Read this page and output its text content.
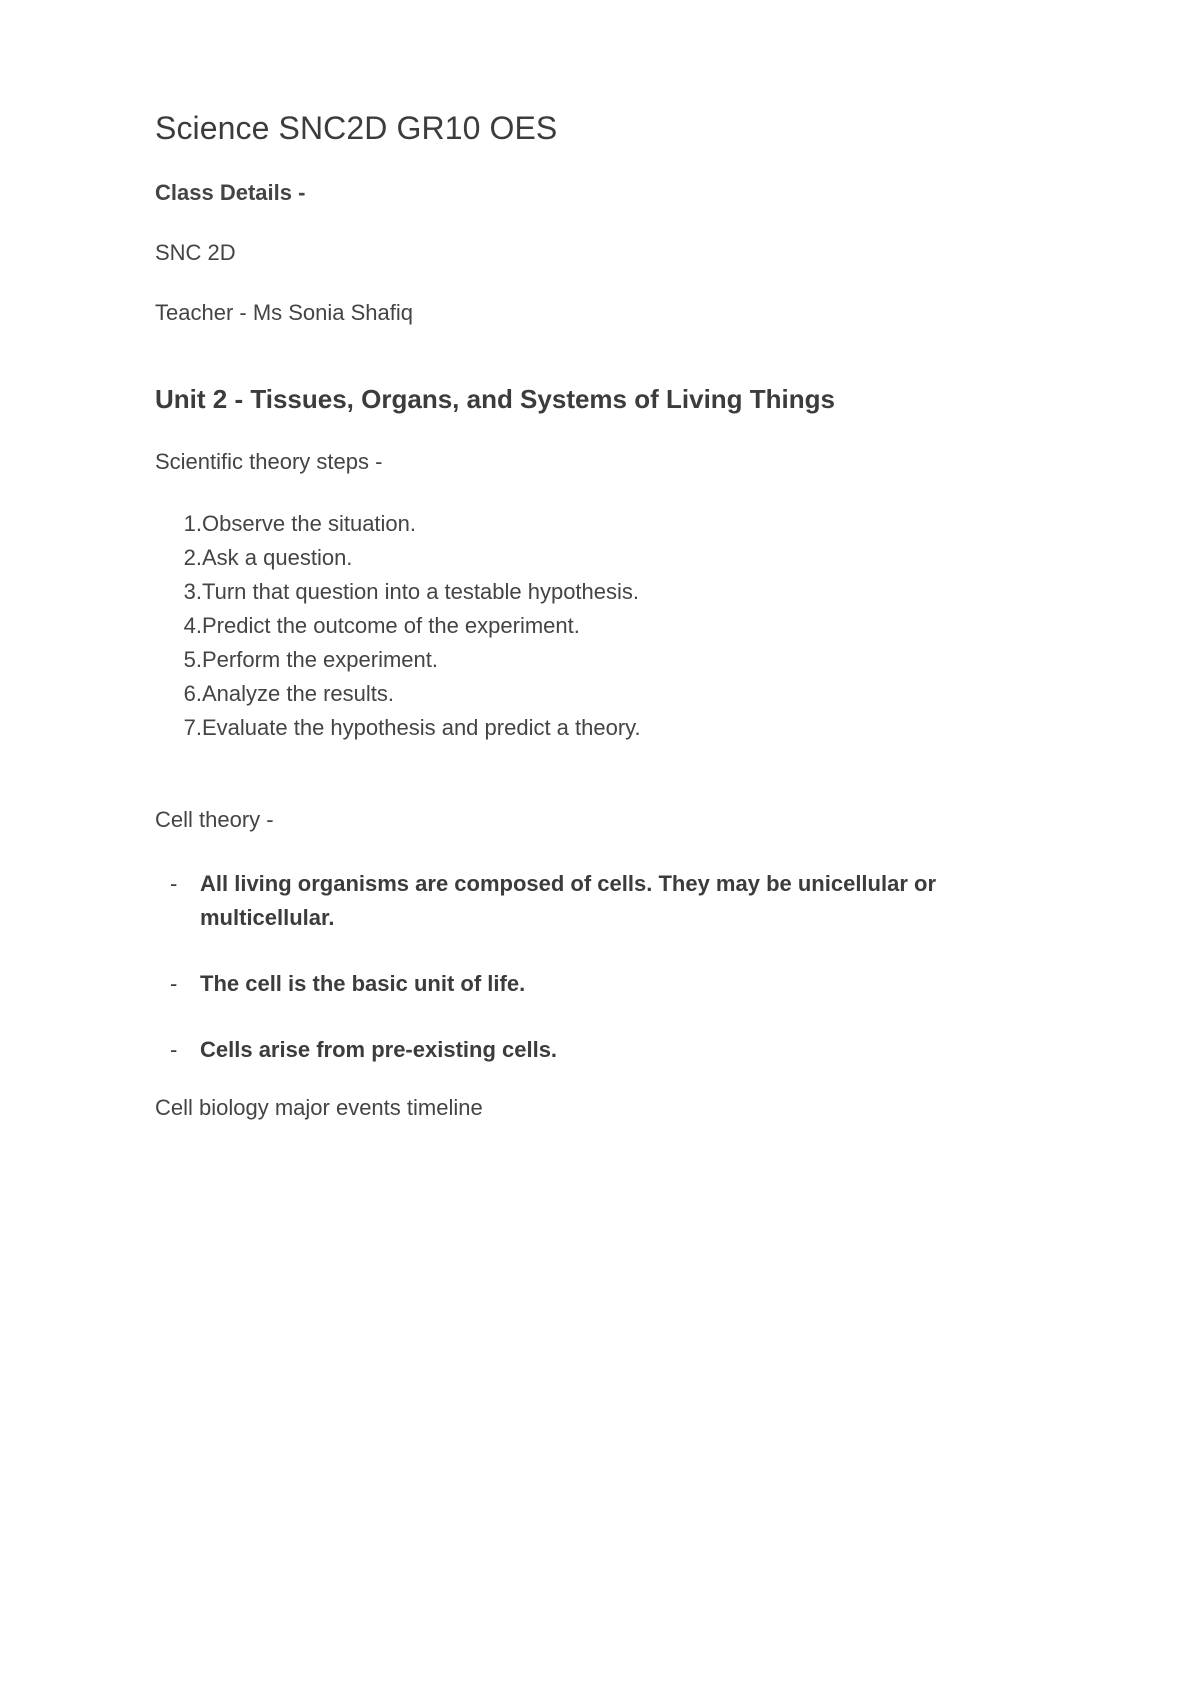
Science SNC2D GR10 OES

Class Details -

SNC 2D

Teacher - Ms Sonia Shafiq

Unit 2 - Tissues, Organs, and Systems of Living Things

Scientific theory steps -

1. Observe the situation.
2. Ask a question.
3. Turn that question into a testable hypothesis.
4. Predict the outcome of the experiment.
5. Perform the experiment.
6. Analyze the results.
7. Evaluate the hypothesis and predict a theory.

Cell theory -

-	All living organisms are composed of cells. They may be unicellular or multicellular.
-	The cell is the basic unit of life.
-	Cells arise from pre-existing cells.

Cell biology major events timeline
